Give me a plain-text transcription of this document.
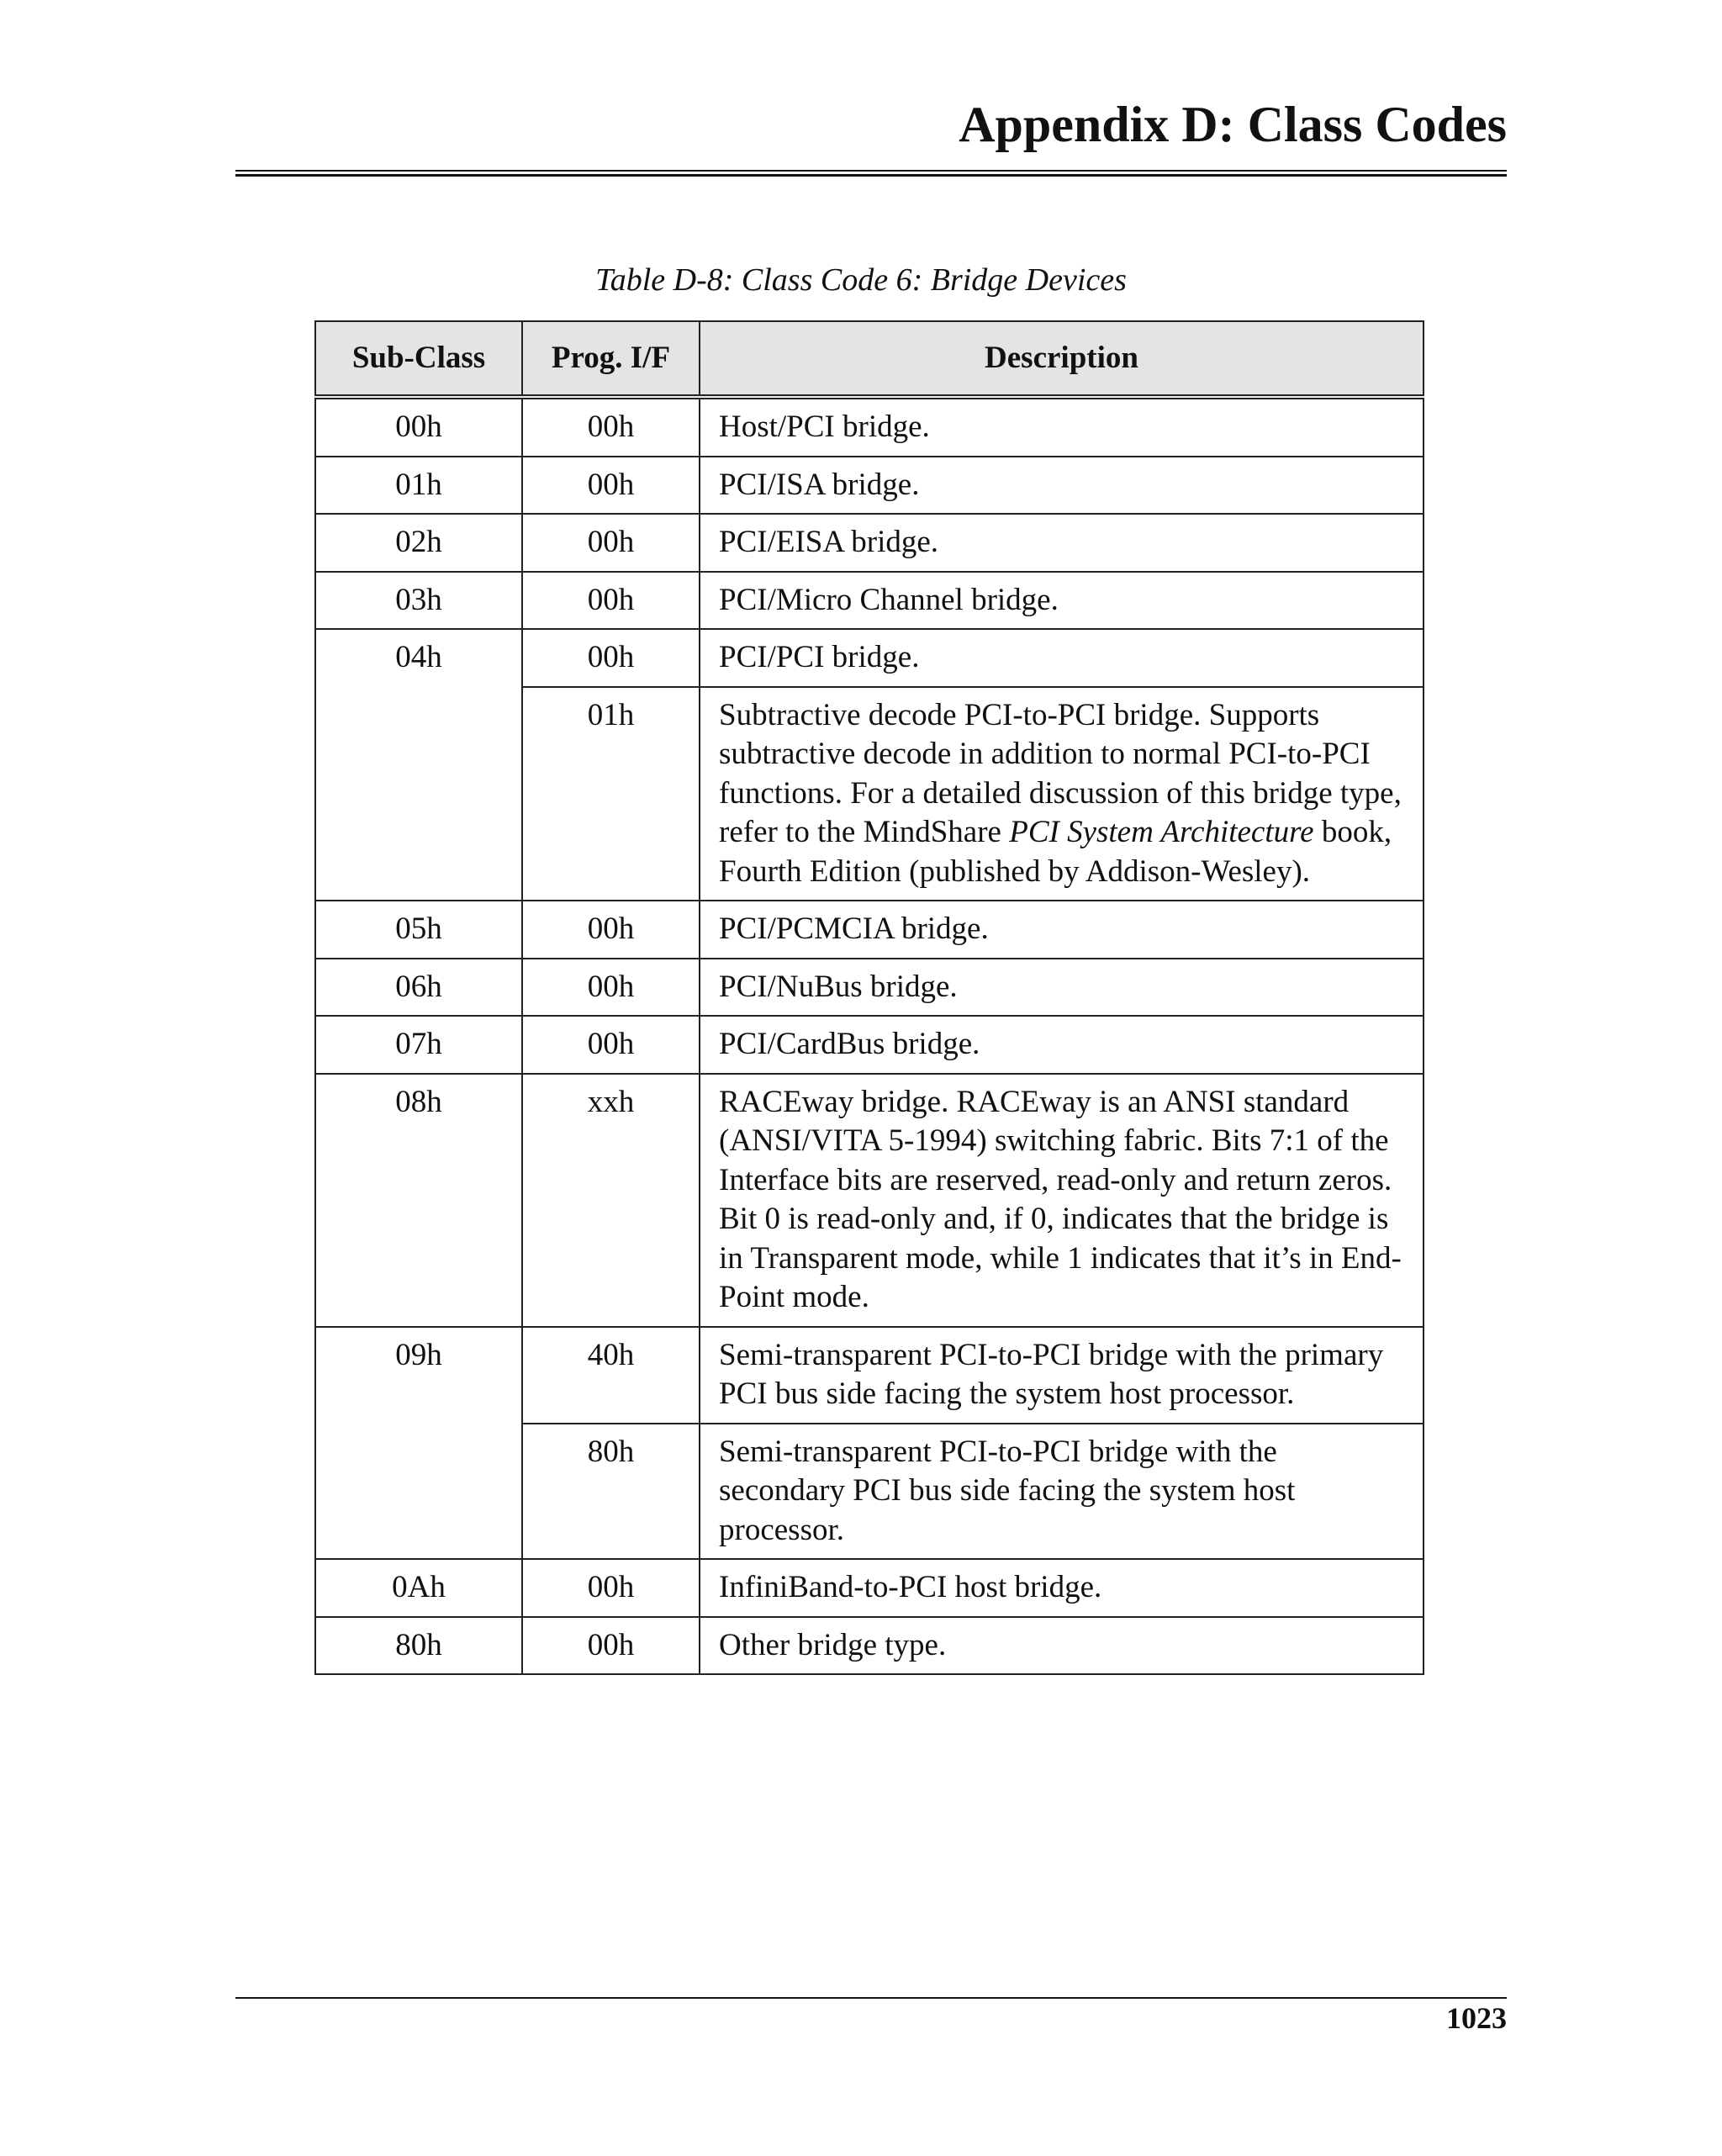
Appendix D: Class Codes

Table D-8: Class Code 6: Bridge Devices

Sub-Class	Prog. I/F	Description
00h	00h	Host/PCI bridge.
01h	00h	PCI/ISA bridge.
02h	00h	PCI/EISA bridge.
03h	00h	PCI/Micro Channel bridge.
04h	00h	PCI/PCI bridge.
	01h	Subtractive decode PCI-to-PCI bridge. Supports subtractive decode in addition to normal PCI-to-PCI functions. For a detailed discussion of this bridge type, refer to the MindShare PCI System Architecture book, Fourth Edition (published by Addison-Wesley).
05h	00h	PCI/PCMCIA bridge.
06h	00h	PCI/NuBus bridge.
07h	00h	PCI/CardBus bridge.
08h	xxh	RACEway bridge. RACEway is an ANSI standard (ANSI/VITA 5-1994) switching fabric. Bits 7:1 of the Interface bits are reserved, read-only and return zeros. Bit 0 is read-only and, if 0, indicates that the bridge is in Transparent mode, while 1 indicates that it’s in End-Point mode.
09h	40h	Semi-transparent PCI-to-PCI bridge with the primary PCI bus side facing the system host processor.
	80h	Semi-transparent PCI-to-PCI bridge with the secondary PCI bus side facing the system host processor.
0Ah	00h	InfiniBand-to-PCI host bridge.
80h	00h	Other bridge type.

1023
